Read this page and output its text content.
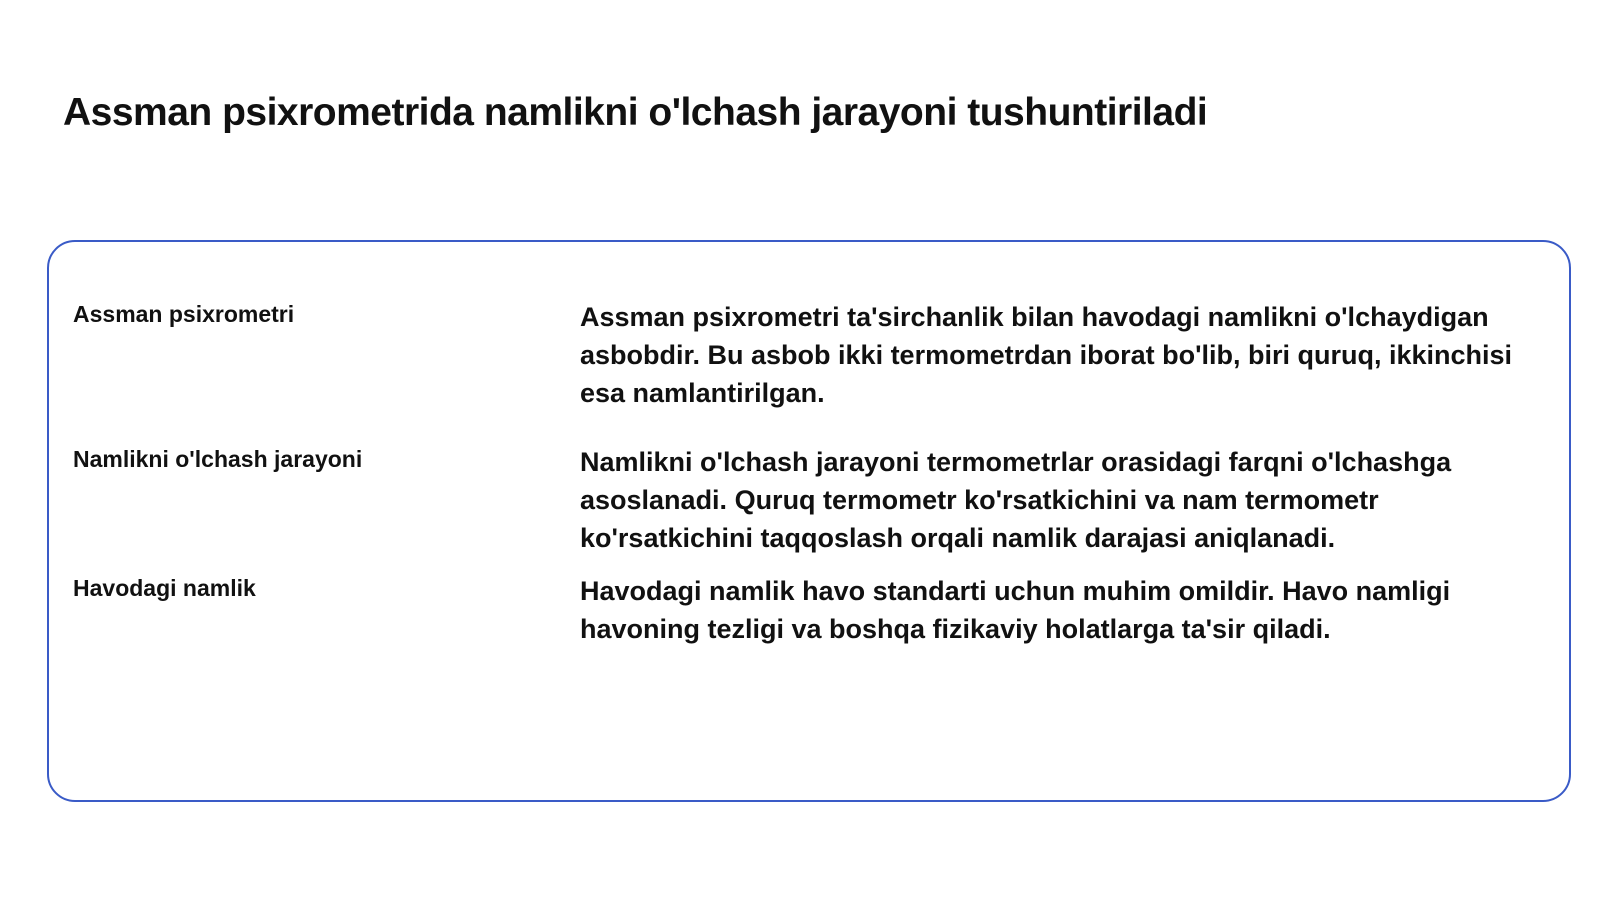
Assman psixrometrida namlikni o'lchash jarayoni tushuntiriladi
Assman psixrometri	Assman psixrometri ta'sirchanlik bilan havodagi namlikni o'lchaydigan asbobdir. Bu asbob ikki termometrdan iborat bo'lib, biri quruq, ikkinchisi esa namlantirilgan.
Namlikni o'lchash jarayoni	Namlikni o'lchash jarayoni termometrlar orasidagi farqni o'lchashga asoslanadi. Quruq termometr ko'rsatkichini va nam termometr ko'rsatkichini taqqoslash orqali namlik darajasi aniqlanadi.
Havodagi namlik	Havodagi namlik havo standarti uchun muhim omildir. Havo namligi havoning tezligi va boshqa fizikaviy holatlarga ta'sir qiladi.
